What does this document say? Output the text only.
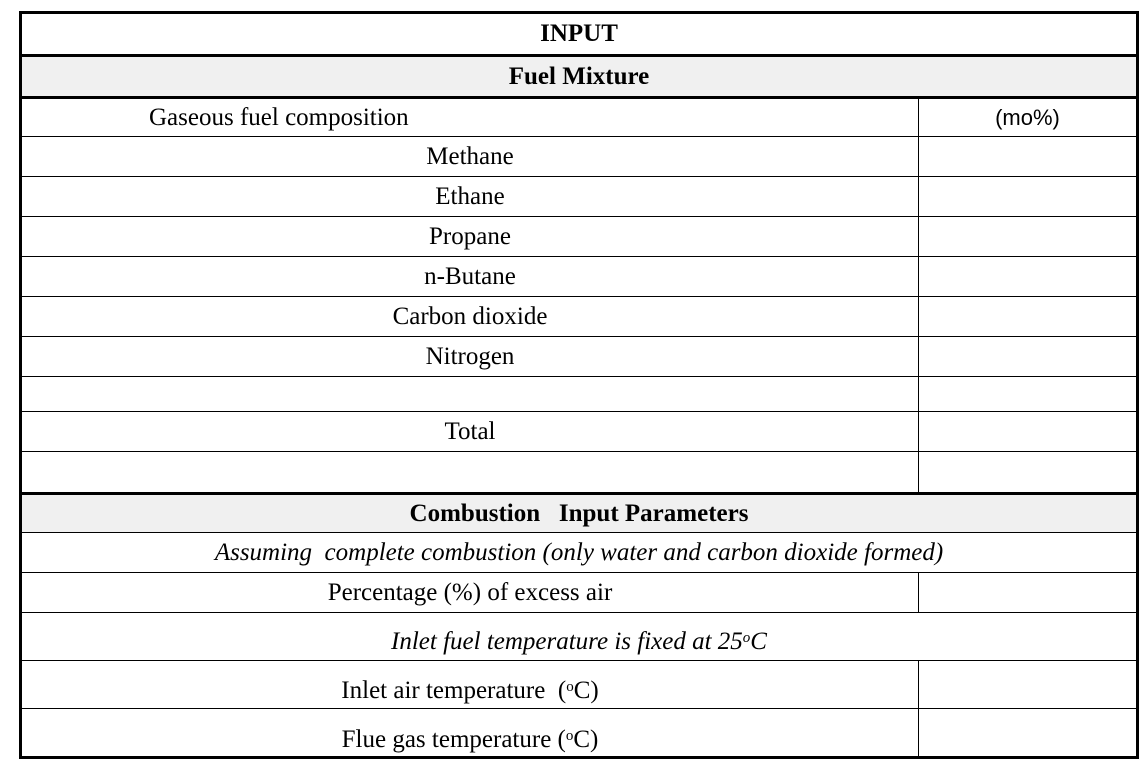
INPUT
Fuel Mixture
Gaseous fuel composition	(mo%)
Methane
Ethane
Propane
n-Butane
Carbon dioxide
Nitrogen
Total
Combustion   Input Parameters
Assuming  complete combustion (only water and carbon dioxide formed)
Percentage (%) of excess air
Inlet fuel temperature is fixed at 25$^o$ C
Inlet air temperature  ($^o$ C)
Flue gas temperature ($^o$ C)
